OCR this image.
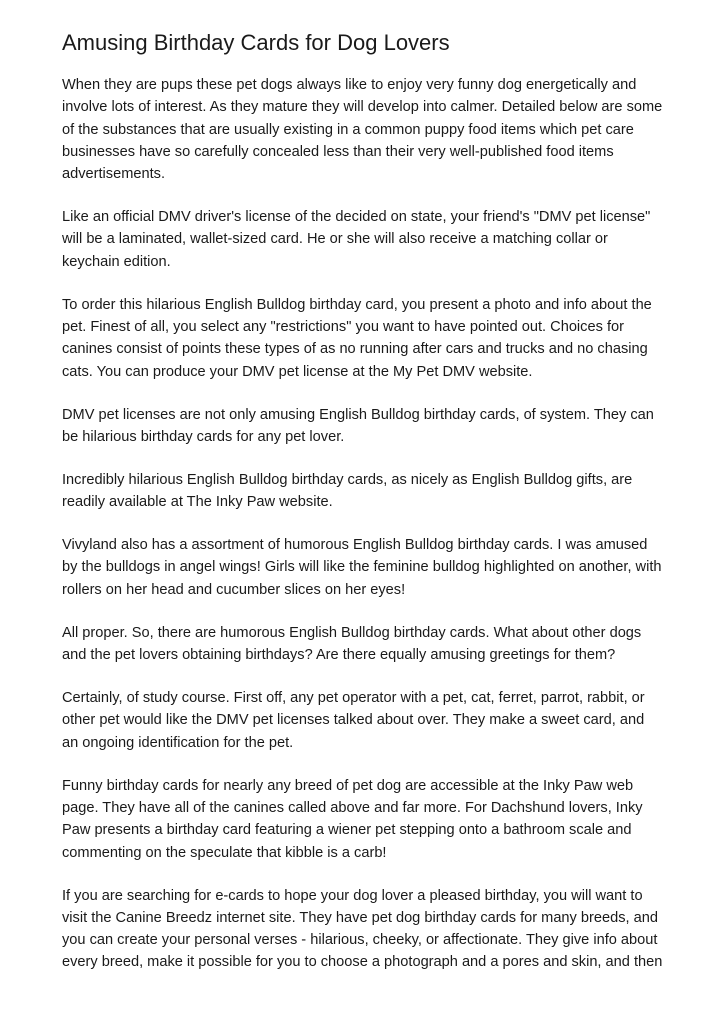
Amusing Birthday Cards for Dog Lovers

When they are pups these pet dogs always like to enjoy very funny dog energetically and
involve lots of interest. As they mature they will develop into calmer. Detailed below are some
of the substances that are usually existing in a common puppy food items which pet care
businesses have so carefully concealed less than their very well-published food items
advertisements.

Like an official DMV driver's license of the decided on state, your friend's "DMV pet license"
will be a laminated, wallet-sized card. He or she will also receive a matching collar or
keychain edition.

To order this hilarious English Bulldog birthday card, you present a photo and info about the
pet. Finest of all, you select any "restrictions" you want to have pointed out. Choices for
canines consist of points these types of as no running after cars and trucks and no chasing
cats. You can produce your DMV pet license at the My Pet DMV website.

DMV pet licenses are not only amusing English Bulldog birthday cards, of system. They can
be hilarious birthday cards for any pet lover.

Incredibly hilarious English Bulldog birthday cards, as nicely as English Bulldog gifts, are
readily available at The Inky Paw website.

Vivyland also has a assortment of humorous English Bulldog birthday cards. I was amused
by the bulldogs in angel wings! Girls will like the feminine bulldog highlighted on another, with
rollers on her head and cucumber slices on her eyes!

All proper. So, there are humorous English Bulldog birthday cards. What about other dogs
and the pet lovers obtaining birthdays? Are there equally amusing greetings for them?

Certainly, of study course. First off, any pet operator with a pet, cat, ferret, parrot, rabbit, or
other pet would like the DMV pet licenses talked about over. They make a sweet card, and
an ongoing identification for the pet.

Funny birthday cards for nearly any breed of pet dog are accessible at the Inky Paw web
page. They have all of the canines called above and far more. For Dachshund lovers, Inky
Paw presents a birthday card featuring a wiener pet stepping onto a bathroom scale and
commenting on the speculate that kibble is a carb!

If you are searching for e-cards to hope your dog lover a pleased birthday, you will want to
visit the Canine Breedz internet site. They have pet dog birthday cards for many breeds, and
you can create your personal verses - hilarious, cheeky, or affectionate. They give info about
every breed, make it possible for you to choose a photograph and a pores and skin, and then
